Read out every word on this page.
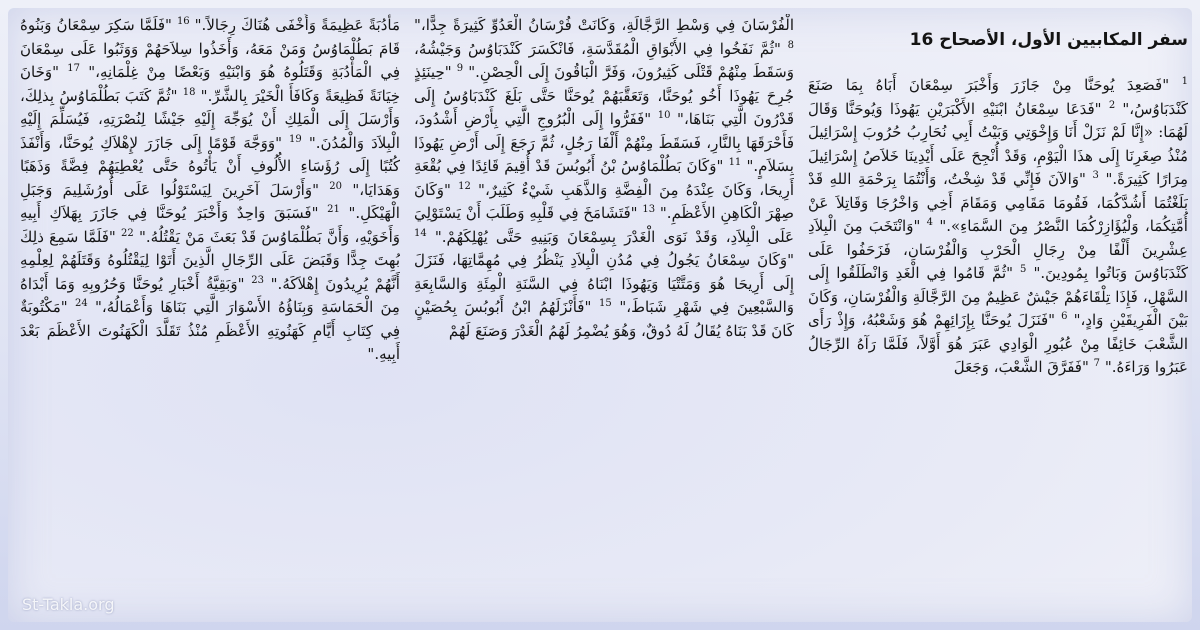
مَأْدُبَةً عَظِيمَةً وَأَخْفَى هُنَاكَ رِجَالاً." $^{16}$ "فَلَمَّا سَكِرَ سِمْعَانُ وَبَنُوهُ قَامَ بَطُلْمَاوُسُ وَمَنْ مَعَهُ، وَأَخَذُوا سِلاَحَهُمْ وَوَثَبُوا عَلَى سِمْعَانَ فِي الْمَأْدُبَةِ وَقَتَلُوهُ هُوَ وَابْنَيْهِ وَبَعْضًا مِنْ غِلْمَانِهِ،" $^{17}$ "وَخَانَ خِيَانَةً فَظِيعَةً وَكَافَأَ الْخَيْرَ بِالشَّرِّ." $^{18}$ "ثُمَّ كَتَبَ بَطُلْمَاوُسُ بِذلِكَ، وَأَرْسَلَ إِلَى الْمَلِكِ أَنْ يُوَجِّهَ إِلَيْهِ جَيْشًا لِنُصْرَتِهِ، فَيُسَلِّمَ إِلَيْهِ الْبِلاَدَ وَالْمُدُنَ." $^{19}$ "وَوَجَّهَ قَوْمًا إِلَى جَازَرَ لإِهْلاَكِ يُوحَنَّا، وَأَنْفَذَ كُتُبًا إِلَى رُؤَسَاءِ الأُلُوفِ أَنْ يَأْتُوهُ حَتَّى يُعْطِيَهُمْ فِضَّةً وَذَهَبًا وَهَدَايَا،" $^{20}$ "وَأَرْسَلَ آخَرِينَ لِيَسْتَوْلُوا عَلَى أُورُشَلِيمَ وَجَبَلِ الْهَيْكَلِ." $^{21}$ "فَسَبَقَ وَاحِدٌ وَأَخْبَرَ يُوحَنَّا فِي جَازَرَ بِهَلاَكِ أَبِيهِ وَأَخَوَيْهِ، وَأَنَّ بَطُلْمَاوُسَ قَدْ بَعَثَ مَنْ يَقْتُلُهُ." $^{22}$ "فَلَمَّا سَمِعَ ذلِكَ بُهِتَ جِدًّا وَقَبَضَ عَلَى الرِّجَالِ الَّذِينَ أَتَوْا لِيَقْتُلُوهُ وَقَتَلَهُمْ لِعِلْمِهِ أَنَّهُمْ يُرِيدُونَ إِهْلاَكَهُ." $^{23}$ "وَبَقِيَّةُ أَخْبَارِ يُوحَنَّا وَحُرُوبِهِ وَمَا أَبْدَاهُ مِنَ الْحَمَاسَةِ وَبِنَاؤُهُ الأَسْوَارَ الَّتِي بَنَاهَا وَأَعْمَالُهُ،" $^{24}$ "مَكْتُوبَةٌ فِي كِتَابِ أَيَّامِ كَهَنُوتِهِ الأَعْظَمِ مُنْذُ تَقَلَّدَ الْكَهَنُوتَ الأَعْظَمَ بَعْدَ أَبِيهِ."

الْفُرْسَانَ فِي وَسْطِ الرَّجَّالَةِ، وَكَانَتْ فُرْسَانُ الْعَدُوِّ كَثِيرَةً جِدًّا،" $^8$ "ثُمَّ نَفَخُوا فِي الأَبْوَاقِ الْمُقَدَّسَةِ، فَانْكَسَرَ كَنْدَبَاوُسُ وَجَيْشُهُ، وَسَقَطَ مِنْهُمْ قَتْلَى كَثِيرُونَ، وَفَرَّ الْبَاقُونَ إِلَى الْحِصْنِ." $^9$ "حِينَئِذٍ جُرِحَ يَهُوذَا أَخُو يُوحَنَّا، وَتَعَقَّبَهُمْ يُوحَنَّا حَتَّى بَلَغَ كَنْدَبَاوُسُ إِلَى قَدْرُونَ الَّتِي بَنَاهَا،" $^{10}$ "فَفَرُّوا إِلَى الْبُرُوجِ الَّتِي بِأَرْضِ أَشْدُودَ، فَأَحْرَقَهَا بِالنَّارِ، فَسَقَطَ مِنْهُمْ أَلْفَا رَجُلٍ، ثُمَّ رَجَعَ إِلَى أَرْضِ يَهُوذَا بِسَلاَمٍ." $^{11}$ "وَكَانَ بَطُلْمَاوُسُ بْنُ أَبُوبُسَ قَدْ أُقِيمَ قَائِدًا فِي بُقْعَةِ أَرِيحَا، وَكَانَ عِنْدَهُ مِنَ الْفِضَّةِ وَالذَّهَبِ شَيْءٌ كَثِيرٌ،" $^{12}$ "وَكَانَ صِهْرَ الْكَاهِنِ الأَعْظَمِ." $^{13}$ "فَتَشَامَخَ فِي قَلْبِهِ وَطَلَبَ أَنْ يَسْتَوْلِيَ عَلَى الْبِلاَدِ، وَقَدْ نَوَى الْغَدْرَ بِسِمْعَانَ وَبَنِيهِ حَتَّى يُهْلِكَهُمْ." $^{14}$ "وَكَانَ سِمْعَانُ يَجُولُ فِي مُدُنِ الْبِلاَدِ يَنْظُرُ فِي مُهِمَّاتِهَا، فَنَزَلَ إِلَى أَرِيحَا هُوَ وَمَتَّتْيَا وَيَهُوذَا ابْنَاهُ فِي السَّنَةِ الْمِئَةِ وَالسَّابِعَةِ وَالسَّبْعِينَ فِي شَهْرِ شَبَاطَ،" $^{15}$ "فَأَنْزَلَهُمُ ابْنُ أَبُوبُسَ بِحُصَيْنٍ كَانَ قَدْ بَنَاهُ يُقَالُ لَهُ دُوقٌ، وَهُوَ يُضْمِرُ لَهُمُ الْغَدْرَ وَصَنَعَ لَهُمْ

سفر المكابيين الأول، الأصحاح 16

$^1$ "فَصَعِدَ يُوحَنَّا مِنْ جَازَرَ وَأَخْبَرَ سِمْعَانَ أَبَاهُ بِمَا صَنَعَ كَنْدَبَاوُسُ،" $^2$ "فَدَعَا سِمْعَانُ ابْنَيْهِ الأَكْبَرَيْنِ يَهُوذَا وَيُوحَنَّا وَقَالَ لَهُمَا: «إِنَّا لَمْ نَزَلْ أَنَا وَإِخْوَتِي وَبَيْتُ أَبِي نُحَارِبُ حُرُوبَ إِسْرَائِيلَ مُنْذُ صِغَرِنَا إِلَى هذَا الْيَوْمِ، وَقَدْ أُنْجِحَ عَلَى أَيْدِينَا خَلاَصُ إِسْرَائِيلَ مِرَارًا كَثِيرَةً." $^3$ "وَالآنَ فَإِنِّي قَدْ شِخْتُ، وَأَنْتُمَا بِرَحْمَةِ اللهِ قَدْ بَلَغْتُمَا أَشُدَّكُمَا، فَقُومَا مَقَامِي وَمَقَامَ أَخِي وَاخْرُجَا وَقَاتِلاَ عَنْ أُمَّتِكُمَا، وَلْيُؤَازِرْكُمَا النَّصْرُ مِنَ السَّمَاءِ»." $^4$ "وَانْتَخَبَ مِنَ الْبِلاَدِ عِشْرِينَ أَلْفًا مِنْ رِجَالِ الْحَرْبِ وَالْفُرْسَانِ، فَزَحَفُوا عَلَى كَنْدَبَاوُسَ وَبَاتُوا بِمُودِينَ." $^5$ "ثُمَّ قَامُوا فِي الْغَدِ وَانْطَلَقُوا إِلَى السَّهْلِ، فَإِذَا تِلْقَاءَهُمْ جَيْشٌ عَظِيمٌ مِنَ الرَّجَّالَةِ وَالْفُرْسَانِ، وَكَانَ بَيْنَ الْفَرِيقَيْنِ وَادٍ،" $^6$ "فَنَزَلَ يُوحَنَّا بِإِزَائِهِمْ هُوَ وَشَعْبُهُ، وَإِذْ رَأَى الشَّعْبَ خَائِفًا مِنْ عُبُورِ الْوَادِي عَبَرَ هُوَ أَوَّلاً، فَلَمَّا رَآهُ الرِّجَالُ عَبَرُوا وَرَاءَهُ." $^7$ "فَفَرَّقَ الشَّعْبَ، وَجَعَلَ

St-Takla.org
